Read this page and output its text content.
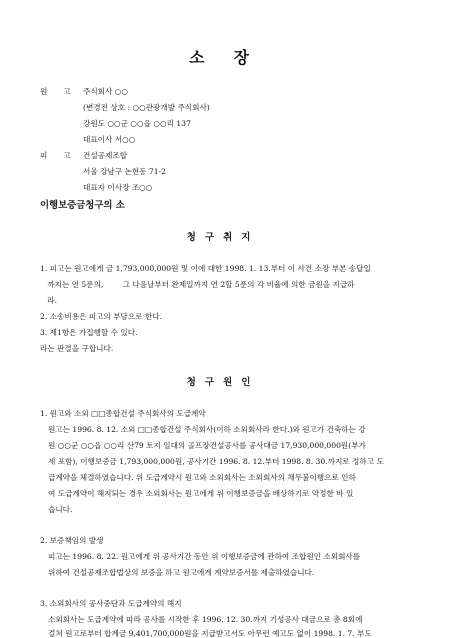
소 장
원 고 주식회사 ○○
(변경전 상호 : ○○관광개발 주식회사)
강원도 ○○군 ○○읍 ○○리 137
대표이사 서○○
피 고 건설공제조합
서울 강남구 논현동 71-2
대표자 이사장 조○○
이행보증금청구의 소
청 구 취 지
1. 피고는 원고에게 금 1,793,000,000원 및 이에 대한 1998. 1. 13.부터 이 사건 소장 부본 송달일
까지는 연 5푼의,        그 다음날부터 완제일까지 연 2할 5푼의 각 비율에 의한 금원을 지급하
라.
2. 소송비용은 피고의 부담으로 한다.
3. 제1항은 가집행할 수 있다.
라는 판결을 구합니다.
청 구 원 인
1. 원고와 소외 □□종합건설 주식회사의 도급계약
원고는 1996. 8. 12. 소외 □□종합건설 주식회사(이하 소외회사라 한다.)와 원고가 건축하는 강
원 ○○군 ○○읍 ○○리 산79 토지 일대의 골프장건설공사를 공사대금 17,930,000,000원(부가
세 포함), 이행보증금 1,793,000,000원, 공사기간 1996. 8. 12.부터 1998. 8. 30.까지로 정하고 도
급계약을 체결하였습니다. 위 도급계약시 원고와 소외회사는 소외회사의 채무불이행으로 인하
여 도급계약이 해지되는 경우 소외회사는 원고에게 위 이행보증금을 배상하기로 약정한 바 있
습니다.
2. 보증책임의 발생
피고는 1996. 8. 22. 원고에게 위 공사기간 동안 위 이행보증금에 관하여 조합원인 소외회사를
위하여 건설공제조합법상의 보증을 하고 원고에게 계약보증서를 제출하였습니다.
3. 소외회사의 공사중단과 도급계약의 해지
소외회사는 도급계약에 따라 공사를 시작한 후 1996. 12. 30.까지 기성공사 대금으로 총 8회에
걸쳐 원고로부터 합계금 9,401,700,000원을 지급받고서도 아무런 예고도 없이 1998. 1. 7. 부도
